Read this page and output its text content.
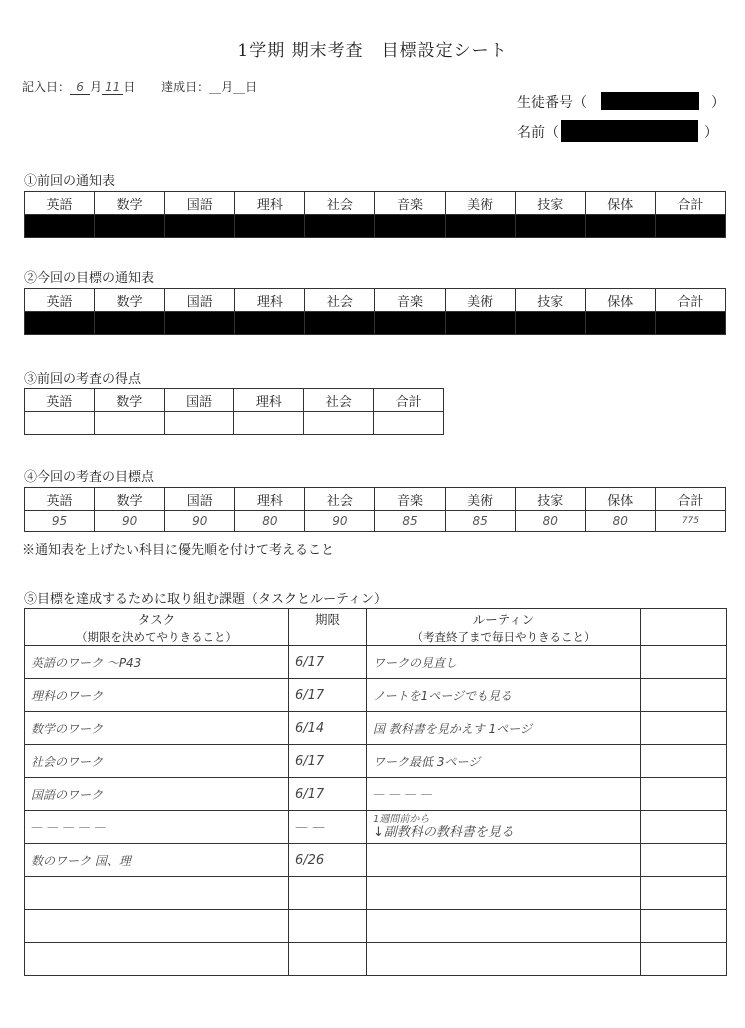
1学期 期末考査　目標設定シート
記入日： 6 月 11 日 達成日：__月__日
生徒番号（	）
名前（	）
①前回の通知表
英語	数学	国語	理科	社会	音楽	美術	技家	保体	合計

②今回の目標の通知表
英語	数学	国語	理科	社会	音楽	美術	技家	保体	合計

③前回の考査の得点
英語	数学	国語	理科	社会	合計

④今回の考査の目標点
英語	数学	国語	理科	社会	音楽	美術	技家	保体	合計
95	90	90	80	90	85	85	80	80	775
※通知表を上げたい科目に優先順を付けて考えること
⑤目標を達成するために取り組む課題（タスクとルーティン）
タスク	期限	ルーティン	
（期限を決めてやりきること）		（考査終了まで毎日やりきること）	
英語のワーク ～P43	6/17	ワークの見直し	
理科のワーク	6/17	ノートを1ページでも見る	
数学のワーク	6/14	国 教科書を見かえす 1ページ	
社会のワーク	6/17	ワーク最低 3ページ	
国語のワーク	6/17	— — — —	
— — — — —	— —	1週間前から
↓副教科の教科書を見る	

数のワーク 国、理	6/26		
